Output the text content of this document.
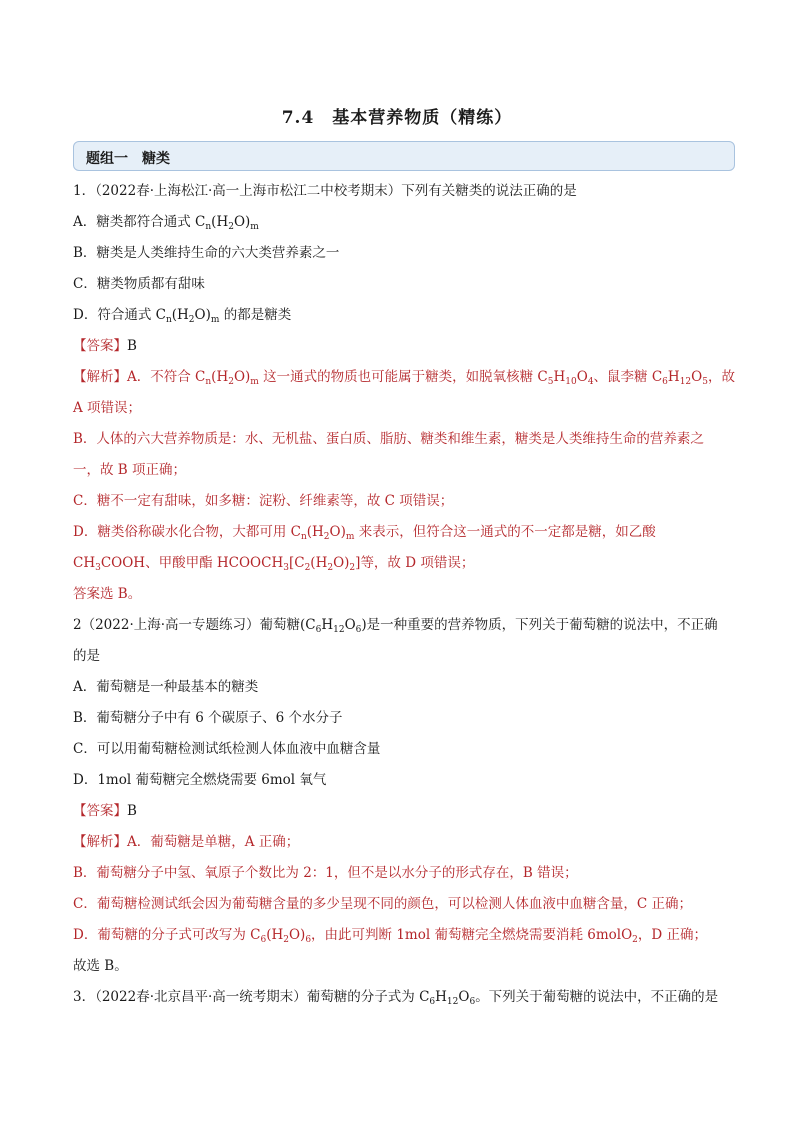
7.4　基本营养物质（精练）
题组一　糖类
1．（2022春·上海松江·高一上海市松江二中校考期末）下列有关糖类的说法正确的是
A．糖类都符合通式 $C_n(H_2O)_m$
B．糖类是人类维持生命的六大类营养素之一
C．糖类物质都有甜味
D．符合通式 $C_n(H_2O)_m$ 的都是糖类
【答案】B
【解析】A．不符合 $C_n(H_2O)_m$ 这一通式的物质也可能属于糖类，如脱氧核糖 $C_5H_{10}O_4$、鼠李糖 $C_6H_{12}O_5$，故
A 项错误；
B．人体的六大营养物质是：水、无机盐、蛋白质、脂肪、糖类和维生素，糖类是人类维持生命的营养素之
一，故 B 项正确；
C．糖不一定有甜味，如多糖：淀粉、纤维素等，故 C 项错误；
D．糖类俗称碳水化合物，大都可用 $C_n(H_2O)_m$ 来表示，但符合这一通式的不一定都是糖，如乙酸
$CH_3COOH$、甲酸甲酯 $HCOOCH_3[C_2(H_2O)_2]$等，故 D 项错误；
答案选 B。
2（2022·上海·高一专题练习）葡萄糖$(C_6H_{12}O_6)$是一种重要的营养物质，下列关于葡萄糖的说法中，不正确
的是
A．葡萄糖是一种最基本的糖类
B．葡萄糖分子中有 6 个碳原子、6 个水分子
C．可以用葡萄糖检测试纸检测人体血液中血糖含量
D．1mol 葡萄糖完全燃烧需要 6mol 氧气
【答案】B
【解析】A．葡萄糖是单糖，A 正确；
B．葡萄糖分子中氢、氧原子个数比为 2：1，但不是以水分子的形式存在，B 错误；
C．葡萄糖检测试纸会因为葡萄糖含量的多少呈现不同的颜色，可以检测人体血液中血糖含量，C 正确；
D．葡萄糖的分子式可改写为 $C_6(H_2O)_6$，由此可判断 1mol 葡萄糖完全燃烧需要消耗 6molO$_2$，D 正确；
故选 B。
3．（2022春·北京昌平·高一统考期末）葡萄糖的分子式为 $C_6H_{12}O_6$。下列关于葡萄糖的说法中，不正确的是
